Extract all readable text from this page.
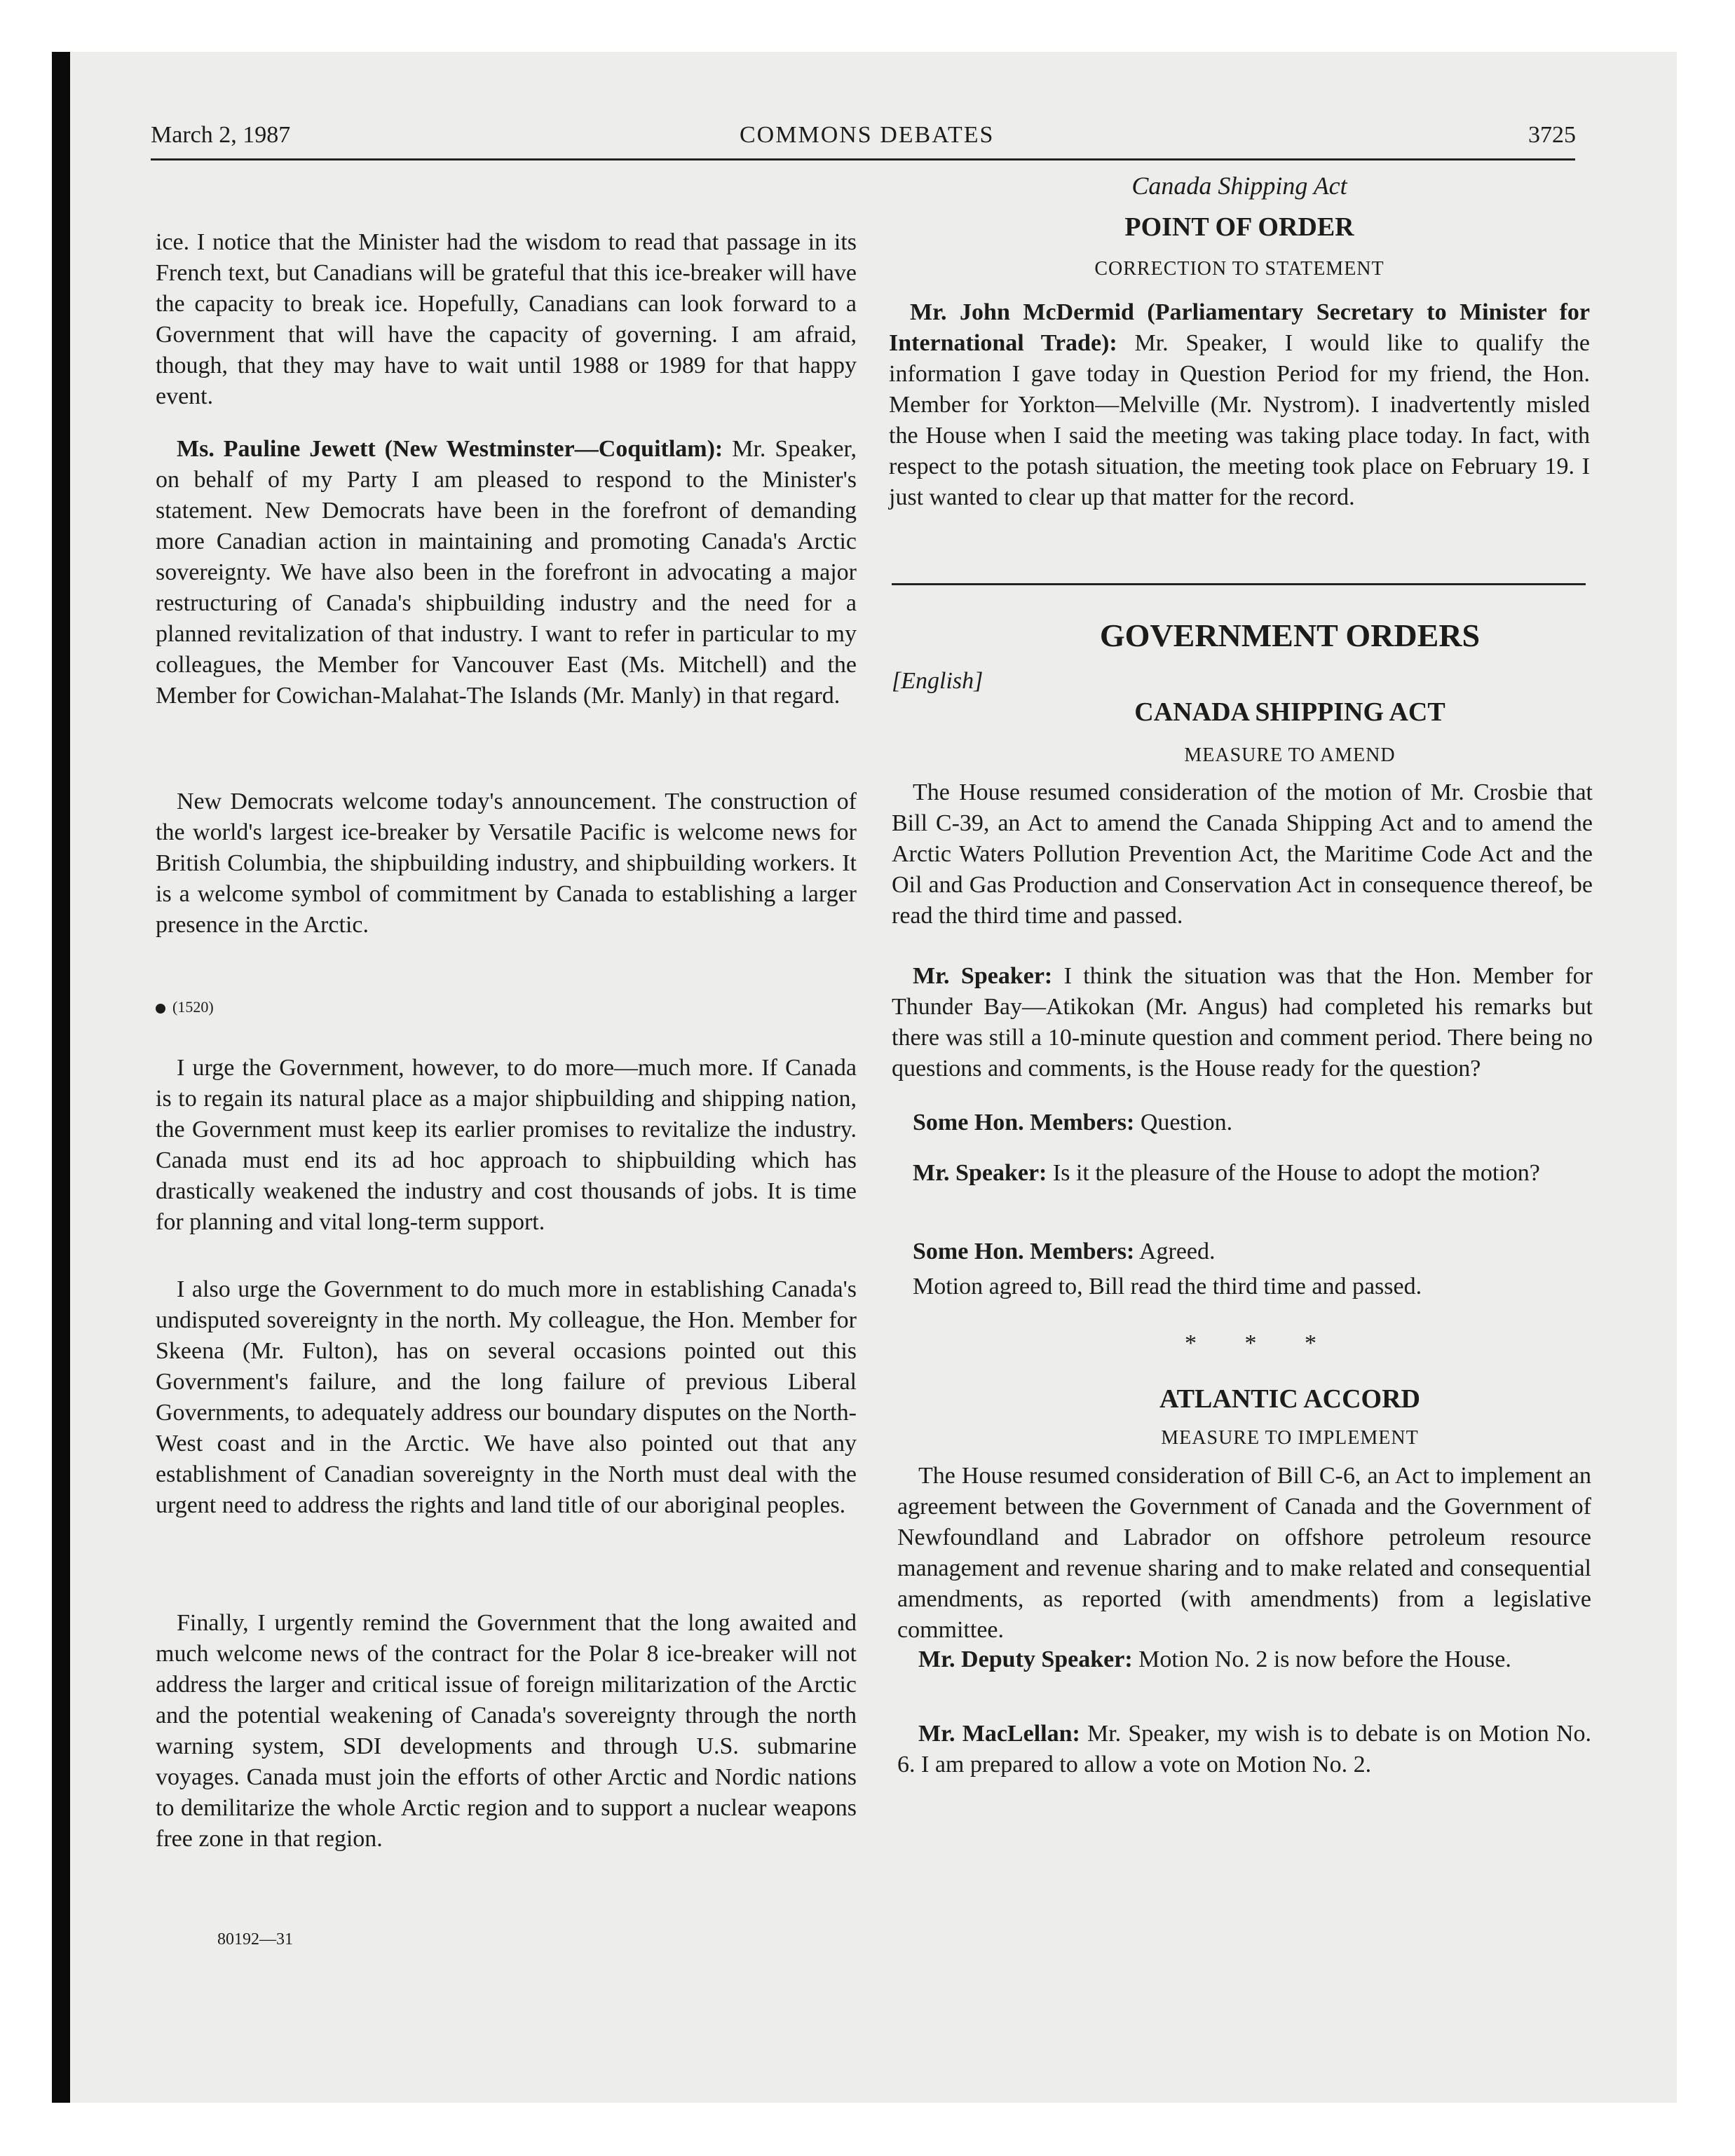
March 2, 1987	COMMONS DEBATES	3725

ice. I notice that the Minister had the wisdom to read that passage in its French text, but Canadians will be grateful that this ice-breaker will have the capacity to break ice. Hopefully, Canadians can look forward to a Government that will have the capacity of governing. I am afraid, though, that they may have to wait until 1988 or 1989 for that happy event.

Ms. Pauline Jewett (New Westminster—Coquitlam): Mr. Speaker, on behalf of my Party I am pleased to respond to the Minister's statement. New Democrats have been in the forefront of demanding more Canadian action in maintaining and promoting Canada's Arctic sovereignty. We have also been in the forefront in advocating a major restructuring of Canada's shipbuilding industry and the need for a planned revitalization of that industry. I want to refer in particular to my colleagues, the Member for Vancouver East (Ms. Mitchell) and the Member for Cowichan-Malahat-The Islands (Mr. Manly) in that regard.

New Democrats welcome today's announcement. The construction of the world's largest ice-breaker by Versatile Pacific is welcome news for British Columbia, the shipbuilding industry, and shipbuilding workers. It is a welcome symbol of commitment by Canada to establishing a larger presence in the Arctic.

(1520)

I urge the Government, however, to do more—much more. If Canada is to regain its natural place as a major shipbuilding and shipping nation, the Government must keep its earlier promises to revitalize the industry. Canada must end its ad hoc approach to shipbuilding which has drastically weakened the industry and cost thousands of jobs. It is time for planning and vital long-term support.

I also urge the Government to do much more in establishing Canada's undisputed sovereignty in the north. My colleague, the Hon. Member for Skeena (Mr. Fulton), has on several occasions pointed out this Government's failure, and the long failure of previous Liberal Governments, to adequately address our boundary disputes on the North-West coast and in the Arctic. We have also pointed out that any establishment of Canadian sovereignty in the North must deal with the urgent need to address the rights and land title of our aboriginal peoples.

Finally, I urgently remind the Government that the long awaited and much welcome news of the contract for the Polar 8 ice-breaker will not address the larger and critical issue of foreign militarization of the Arctic and the potential weakening of Canada's sovereignty through the north warning system, SDI developments and through U.S. submarine voyages. Canada must join the efforts of other Arctic and Nordic nations to demilitarize the whole Arctic region and to support a nuclear weapons free zone in that region.

80192—31
Canada Shipping Act
POINT OF ORDER
CORRECTION TO STATEMENT

Mr. John McDermid (Parliamentary Secretary to Minister for International Trade): Mr. Speaker, I would like to qualify the information I gave today in Question Period for my friend, the Hon. Member for Yorkton—Melville (Mr. Nystrom). I inadvertently misled the House when I said the meeting was taking place today. In fact, with respect to the potash situation, the meeting took place on February 19. I just wanted to clear up that matter for the record.

GOVERNMENT ORDERS
[English]
CANADA SHIPPING ACT
MEASURE TO AMEND

The House resumed consideration of the motion of Mr. Crosbie that Bill C-39, an Act to amend the Canada Shipping Act and to amend the Arctic Waters Pollution Prevention Act, the Maritime Code Act and the Oil and Gas Production and Conservation Act in consequence thereof, be read the third time and passed.

Mr. Speaker: I think the situation was that the Hon. Member for Thunder Bay—Atikokan (Mr. Angus) had completed his remarks but there was still a 10-minute question and comment period. There being no questions and comments, is the House ready for the question?

Some Hon. Members: Question.

Mr. Speaker: Is it the pleasure of the House to adopt the motion?

Some Hon. Members: Agreed.

Motion agreed to, Bill read the third time and passed.

* * *
ATLANTIC ACCORD
MEASURE TO IMPLEMENT

The House resumed consideration of Bill C-6, an Act to implement an agreement between the Government of Canada and the Government of Newfoundland and Labrador on offshore petroleum resource management and revenue sharing and to make related and consequential amendments, as reported (with amendments) from a legislative committee.

Mr. Deputy Speaker: Motion No. 2 is now before the House.

Mr. MacLellan: Mr. Speaker, my wish is to debate is on Motion No. 6. I am prepared to allow a vote on Motion No. 2.
